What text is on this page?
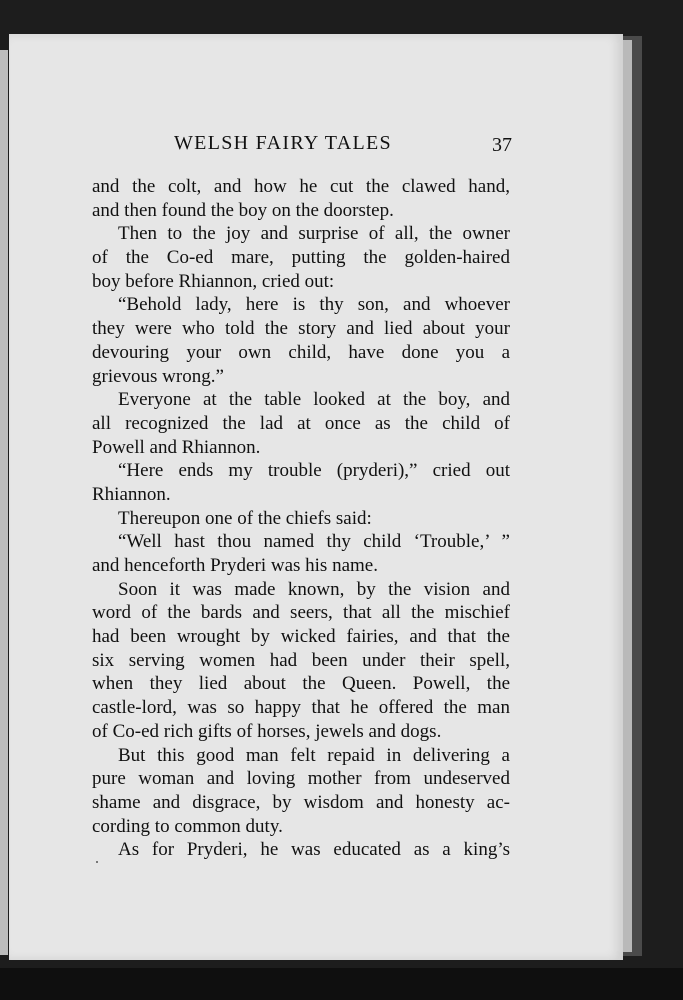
WELSH FAIRY TALES	37
and the colt, and how he cut the clawed hand,
and then found the boy on the doorstep.
Then to the joy and surprise of all, the owner
of the Co-ed mare, putting the golden-haired
boy before Rhiannon, cried out:
“Behold lady, here is thy son, and whoever
they were who told the story and lied about your
devouring your own child, have done you a
grievous wrong.”
Everyone at the table looked at the boy, and
all recognized the lad at once as the child of
Powell and Rhiannon.
“Here ends my trouble (pryderi),” cried out
Rhiannon.
Thereupon one of the chiefs said:
“Well hast thou named thy child ‘Trouble,’ ”
and henceforth Pryderi was his name.
Soon it was made known, by the vision and
word of the bards and seers, that all the mischief
had been wrought by wicked fairies, and that the
six serving women had been under their spell,
when they lied about the Queen. Powell, the
castle-lord, was so happy that he offered the man
of Co-ed rich gifts of horses, jewels and dogs.
But this good man felt repaid in delivering a
pure woman and loving mother from undeserved
shame and disgrace, by wisdom and honesty ac-
cording to common duty.
As for Pryderi, he was educated as a king’s
